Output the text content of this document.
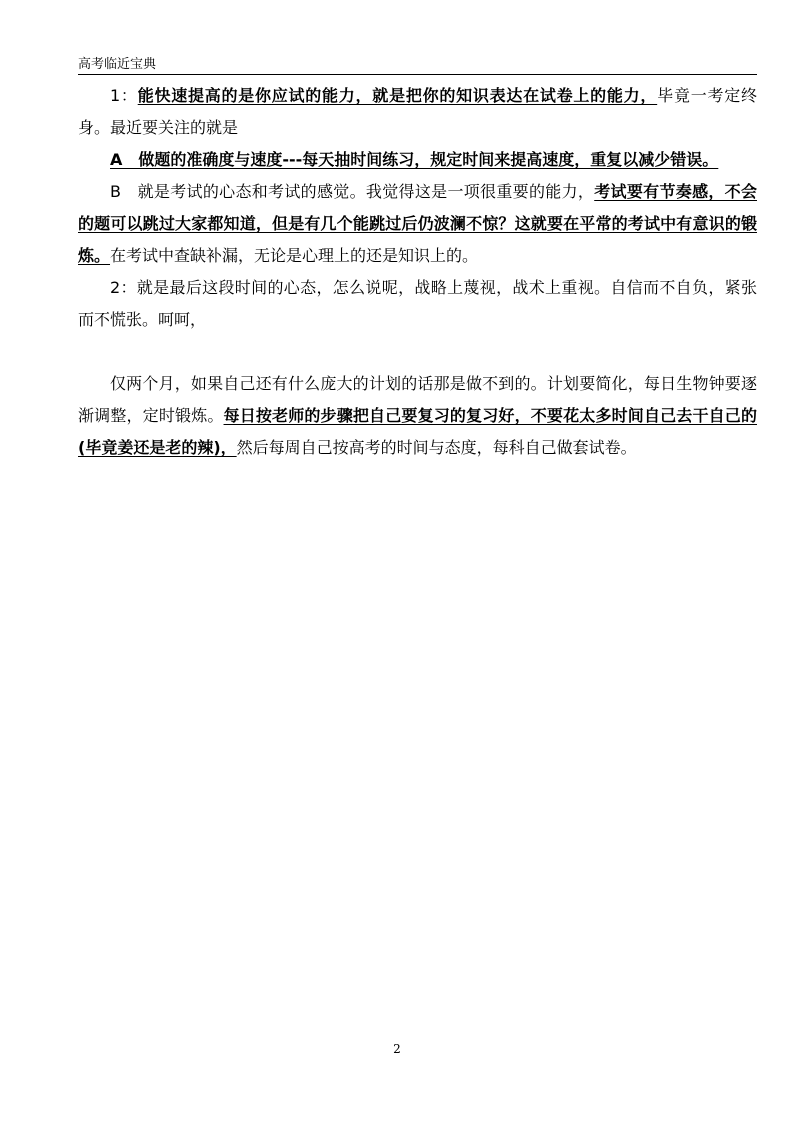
高考临近宝典

1：能快速提高的是你应试的能力，就是把你的知识表达在试卷上的能力，毕竟一考定终身。最近要关注的就是

A　做题的准确度与速度---每天抽时间练习，规定时间来提高速度，重复以减少错误。

B　就是考试的心态和考试的感觉。我觉得这是一项很重要的能力，考试要有节奏感，不会的题可以跳过大家都知道，但是有几个能跳过后仍波澜不惊？这就要在平常的考试中有意识的锻炼。在考试中查缺补漏，无论是心理上的还是知识上的。

2：就是最后这段时间的心态，怎么说呢，战略上蔑视，战术上重视。自信而不自负，紧张而不慌张。呵呵，

仅两个月，如果自己还有什么庞大的计划的话那是做不到的。计划要简化，每日生物钟要逐渐调整，定时锻炼。每日按老师的步骤把自己要复习的复习好，不要花太多时间自己去干自己的(毕竟姜还是老的辣)，然后每周自己按高考的时间与态度，每科自己做套试卷。

2
